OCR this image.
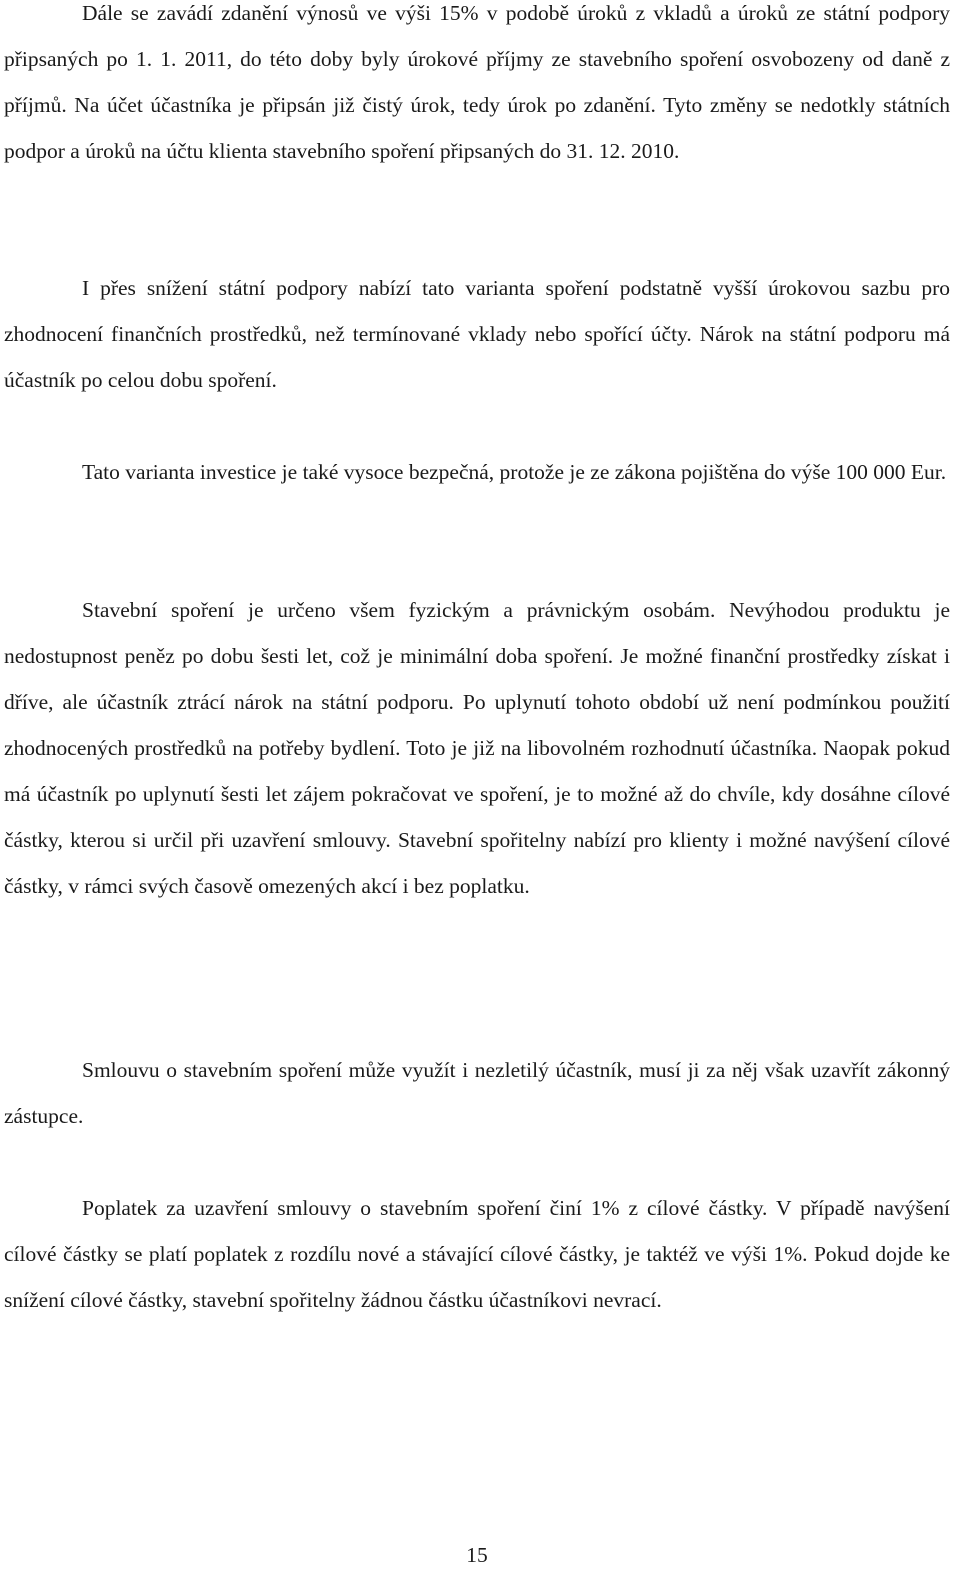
Dále se zavádí zdanění výnosů ve výši 15% v podobě úroků z vkladů a úroků ze státní podpory připsaných po 1. 1. 2011, do této doby byly úrokové příjmy ze stavebního spoření osvobozeny od daně z příjmů. Na účet účastníka je připsán již čistý úrok, tedy úrok po zdanění. Tyto změny se nedotkly státních podpor a úroků na účtu klienta stavebního spoření připsaných do 31. 12. 2010.

I přes snížení státní podpory nabízí tato varianta spoření podstatně vyšší úrokovou sazbu pro zhodnocení finančních prostředků, než termínované vklady nebo spořící účty. Nárok na státní podporu má účastník po celou dobu spoření.

Tato varianta investice je také vysoce bezpečná, protože je ze zákona pojištěna do výše 100 000 Eur.

Stavební spoření je určeno všem fyzickým a právnickým osobám. Nevýhodou produktu je nedostupnost peněz po dobu šesti let, což je minimální doba spoření. Je možné finanční prostředky získat i dříve, ale účastník ztrácí nárok na státní podporu. Po uplynutí tohoto období už není podmínkou použití zhodnocených prostředků na potřeby bydlení. Toto je již na libovolném rozhodnutí účastníka. Naopak pokud má účastník po uplynutí šesti let zájem pokračovat ve spoření, je to možné až do chvíle, kdy dosáhne cílové částky, kterou si určil při uzavření smlouvy. Stavební spořitelny nabízí pro klienty i možné navýšení cílové částky, v rámci svých časově omezených akcí i bez poplatku.

Smlouvu o stavebním spoření může využít i nezletilý účastník, musí ji za něj však uzavřít zákonný zástupce.

Poplatek za uzavření smlouvy o stavebním spoření činí 1% z cílové částky. V případě navýšení cílové částky se platí poplatek z rozdílu nové a stávající cílové částky, je taktéž ve výši 1%. Pokud dojde ke snížení cílové částky, stavební spořitelny žádnou částku účastníkovi nevrací.

15
